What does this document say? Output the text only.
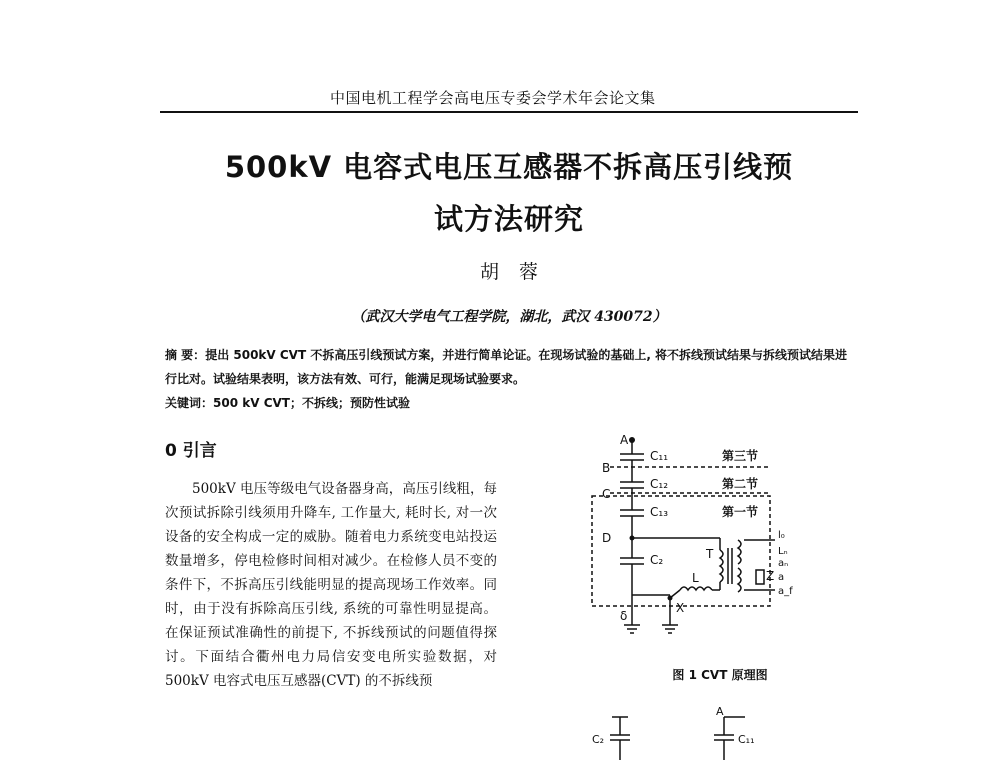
中国电机工程学会高电压专委会学术年会论文集
500kV 电容式电压互感器不拆高压引线预
试方法研究
胡 蓉
（武汉大学电气工程学院，湖北，武汉 430072）

摘 要：提出 500kV CVT 不拆高压引线预试方案，并进行简单论证。在现场试验的基础上, 将不拆线预试结果与拆线预试结果进行比对。试验结果表明，该方法有效、可行，能满足现场试验要求。

关键词：500 kV CVT；不拆线；预防性试验

0 引言

500kV 电压等级电气设备器身高，高压引线粗，每次预试拆除引线须用升降车, 工作量大, 耗时长, 对一次设备的安全构成一定的威胁。随着电力系统变电站投运数量增多，停电检修时间相对减少。在检修人员不变的条件下，不拆高压引线能明显的提高现场工作效率。同时，由于没有拆除高压引线, 系统的可靠性明显提高。在保证预试准确性的前提下, 不拆线预试的问题值得探讨。下面结合衢州电力局信安变电所实验数据，对 500kV 电容式电压互感器(CVT) 的不拆线预

A
B
C
D
δ
X
C₁₁
C₁₂
C₁₃
C₂
L
T
Z
第三节
第二节
第一节
l₀
Lₙ
aₙ
a
a_f
图 1 CVT 原理图
C₂
A
C₁₁
